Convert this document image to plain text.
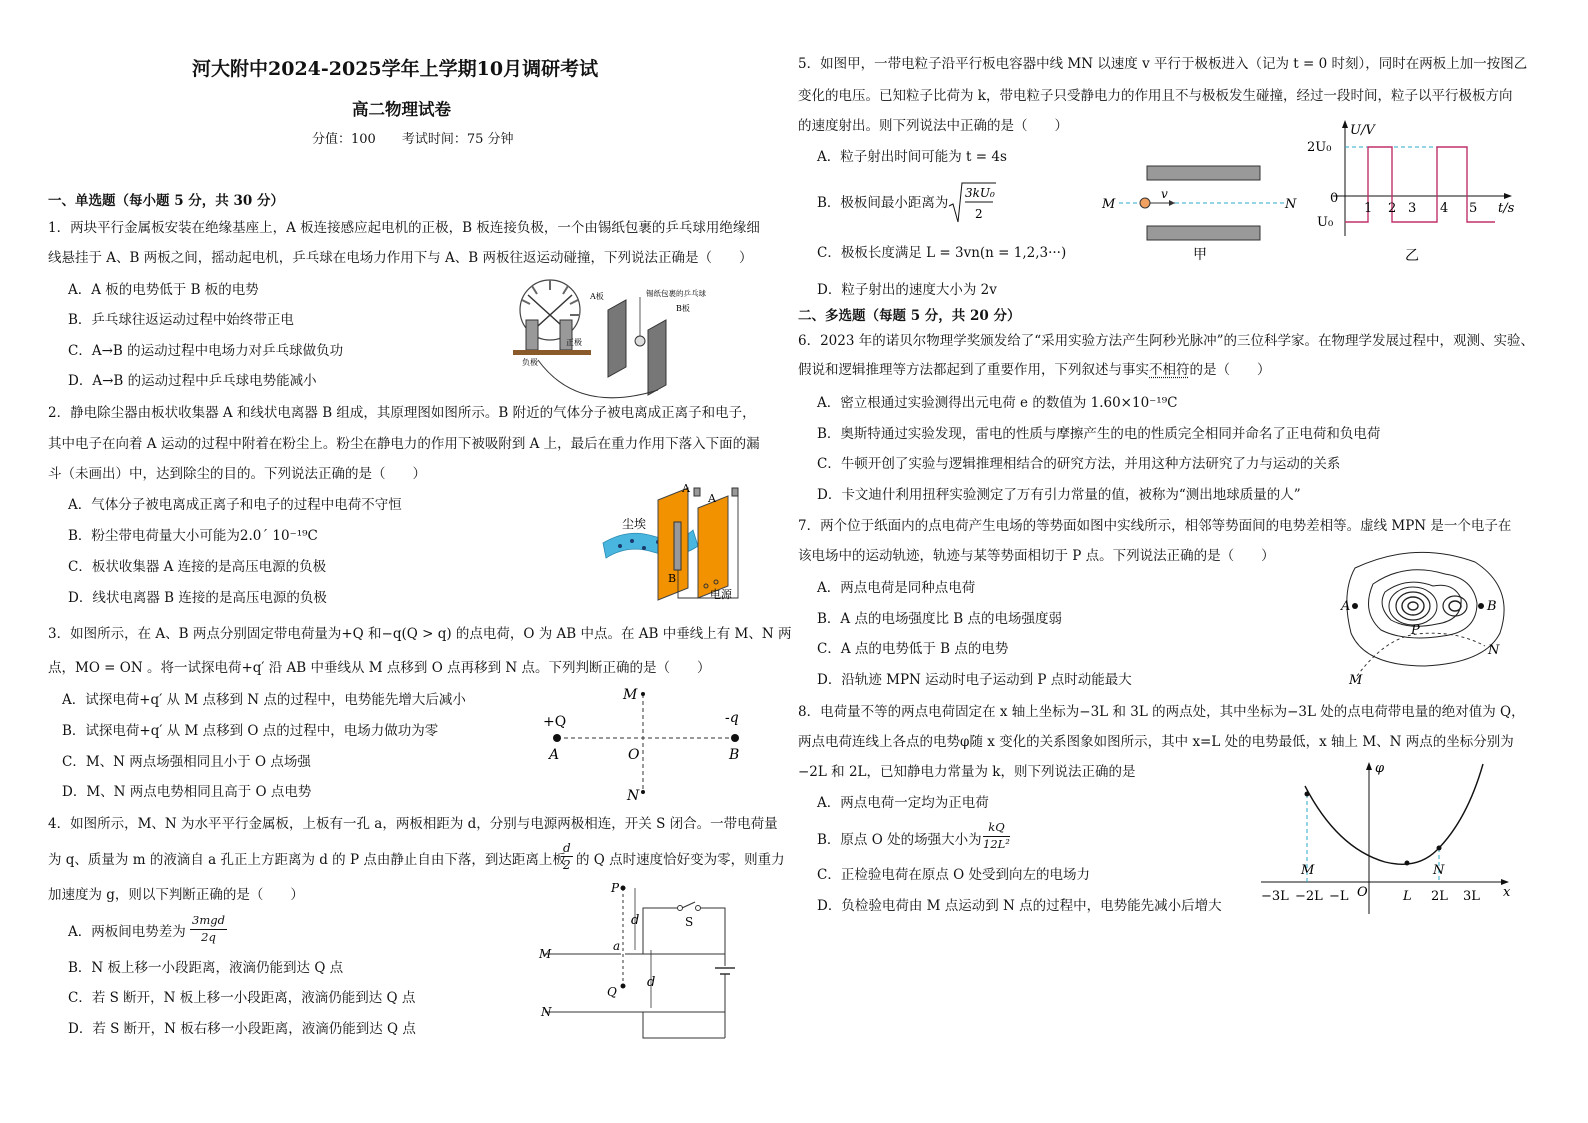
河大附中2024-2025学年上学期10月调研考试
高二物理试卷
分值：100　　考试时间：75 分钟
一、单选题（每小题 5 分，共 30 分）
1．两块平行金属板安装在绝缘基座上，A 板连接感应起电机的正极，B 板连接负极，一个由锡纸包裹的乒乓球用绝缘细
线悬挂于 A、B 两板之间，摇动起电机，乒乓球在电场力作用下与 A、B 两板往返运动碰撞，下列说法正确是（　　）
A．A 板的电势低于 B 板的电势
B．乒乓球往返运动过程中始终带正电
C．A→B 的运动过程中电场力对乒乓球做负功
D．A→B 的运动过程中乒乓球电势能减小
负极
正极
A板
B板
锡纸包裹的乒乓球
2．静电除尘器由板状收集器 A 和线状电离器 B 组成，其原理图如图所示。B 附近的气体分子被电离成正离子和电子，
其中电子在向着 A 运动的过程中附着在粉尘上。粉尘在静电力的作用下被吸附到 A 上，最后在重力作用下落入下面的漏
斗（未画出）中，达到除尘的目的。下列说法正确的是（　　）
A．气体分子被电离成正离子和电子的过程中电荷不守恒
B．粉尘带电荷量大小可能为2.0´ 10⁻¹⁹C
C．板状收集器 A 连接的是高压电源的负极
D．线状电离器 B 连接的是高压电源的负极
尘埃
A
A
B
电源
3．如图所示，在 A、B 两点分别固定带电荷量为+Q 和−q(Q > q) 的点电荷，O 为 AB 中点。在 AB 中垂线上有 M、N 两
点，MO = ON 。将一试探电荷+q′ 沿 AB 中垂线从 M 点移到 O 点再移到 N 点。下列判断正确的是（　　）
A．试探电荷+q′ 从 M 点移到 N 点的过程中，电势能先增大后减小
B．试探电荷+q′ 从 M 点移到 O 点的过程中，电场力做功为零
C．M、N 两点场强相同且小于 O 点场强
D．M、N 两点电势相同且高于 O 点电势
+Q	-q
A	O	B
M
N
4．如图所示，M、N 为水平平行金属板，上板有一孔 a，两板相距为 d，分别与电源两极相连，开关 S 闭合。一带电荷量
为 q、质量为 m 的液滴自 a 孔正上方距离为 d 的 P 点由静止自由下落，到达距离上板
$\frac{d}{2}$ 的 Q 点时速度恰好变为零，则重力
加速度为 g，则以下判断正确的是（　　）
A．两板间电势差为
3mgd
2q
B．N 板上移一小段距离，液滴仍能到达 Q 点
C．若 S 断开，N 板上移一小段距离，液滴仍能到达 Q 点
D．若 S 断开，N 板右移一小段距离，液滴仍能到达 Q 点
P
d
d
M
N
a
Q
S
5．如图甲，一带电粒子沿平行板电容器中线 MN 以速度 v 平行于极板进入（记为 t = 0 时刻），同时在两板上加一按图乙
变化的电压。已知粒子比荷为 k，带电粒子只受静电力的作用且不与极板发生碰撞，经过一段时间，粒子以平行极板方向
的速度射出。则下列说法中正确的是（　　）
A．粒子射出时间可能为 t = 4s
B．极板间最小距离为
3kU₀
2
C．极板长度满足 L = 3vn(n = 1,2,3···)
D．粒子射出的速度大小为 2v
M	N
v
甲
U/V
2U₀
0
U₀
1 2 3 4 5 t/s
乙
二、多选题（每题 5 分，共 20 分）
6．2023 年的诺贝尔物理学奖颁发给了“采用实验方法产生阿秒光脉冲”的三位科学家。在物理学发展过程中，观测、实验、
假说和逻辑推理等方法都起到了重要作用，下列叙述与事实不相符的是（　　）
A．密立根通过实验测得出元电荷 e 的数值为 1.60×10⁻¹⁹C
B．奥斯特通过实验发现，雷电的性质与摩擦产生的电的性质完全相同并命名了正电荷和负电荷
C．牛顿开创了实验与逻辑推理相结合的研究方法，并用这种方法研究了力与运动的关系
D．卡文迪什利用扭秤实验测定了万有引力常量的值，被称为“测出地球质量的人”
7．两个位于纸面内的点电荷产生电场的等势面如图中实线所示，相邻等势面间的电势差相等。虚线 MPN 是一个电子在
该电场中的运动轨迹，轨迹与某等势面相切于 P 点。下列说法正确的是（　　）
A．两点电荷是同种点电荷
B．A 点的电场强度比 B 点的电场强度弱
C．A 点的电势低于 B 点的电势
D．沿轨迹 MPN 运动时电子运动到 P 点时动能最大
A	B
P
M
N
8．电荷量不等的两点电荷固定在 x 轴上坐标为−3L 和 3L 的两点处，其中坐标为−3L 处的点电荷带电量的绝对值为 Q，
两点电荷连线上各点的电势φ随 x 变化的关系图象如图所示，其中 x=L 处的电势最低，x 轴上 M、N 两点的坐标分别为
−2L 和 2L，已知静电力常量为 k，则下列说法正确的是
A．两点电荷一定均为正电荷
B．原点 O 处的场强大小为 $\frac{kQ}{\text{12L²}}$
C．正检验电荷在原点 O 处受到向左的电场力
D．负检验电荷由 M 点运动到 N 点的过程中，电势能先减小后增大
φ
x
M	N
O
−3L −2L −L	L 2L 3L
